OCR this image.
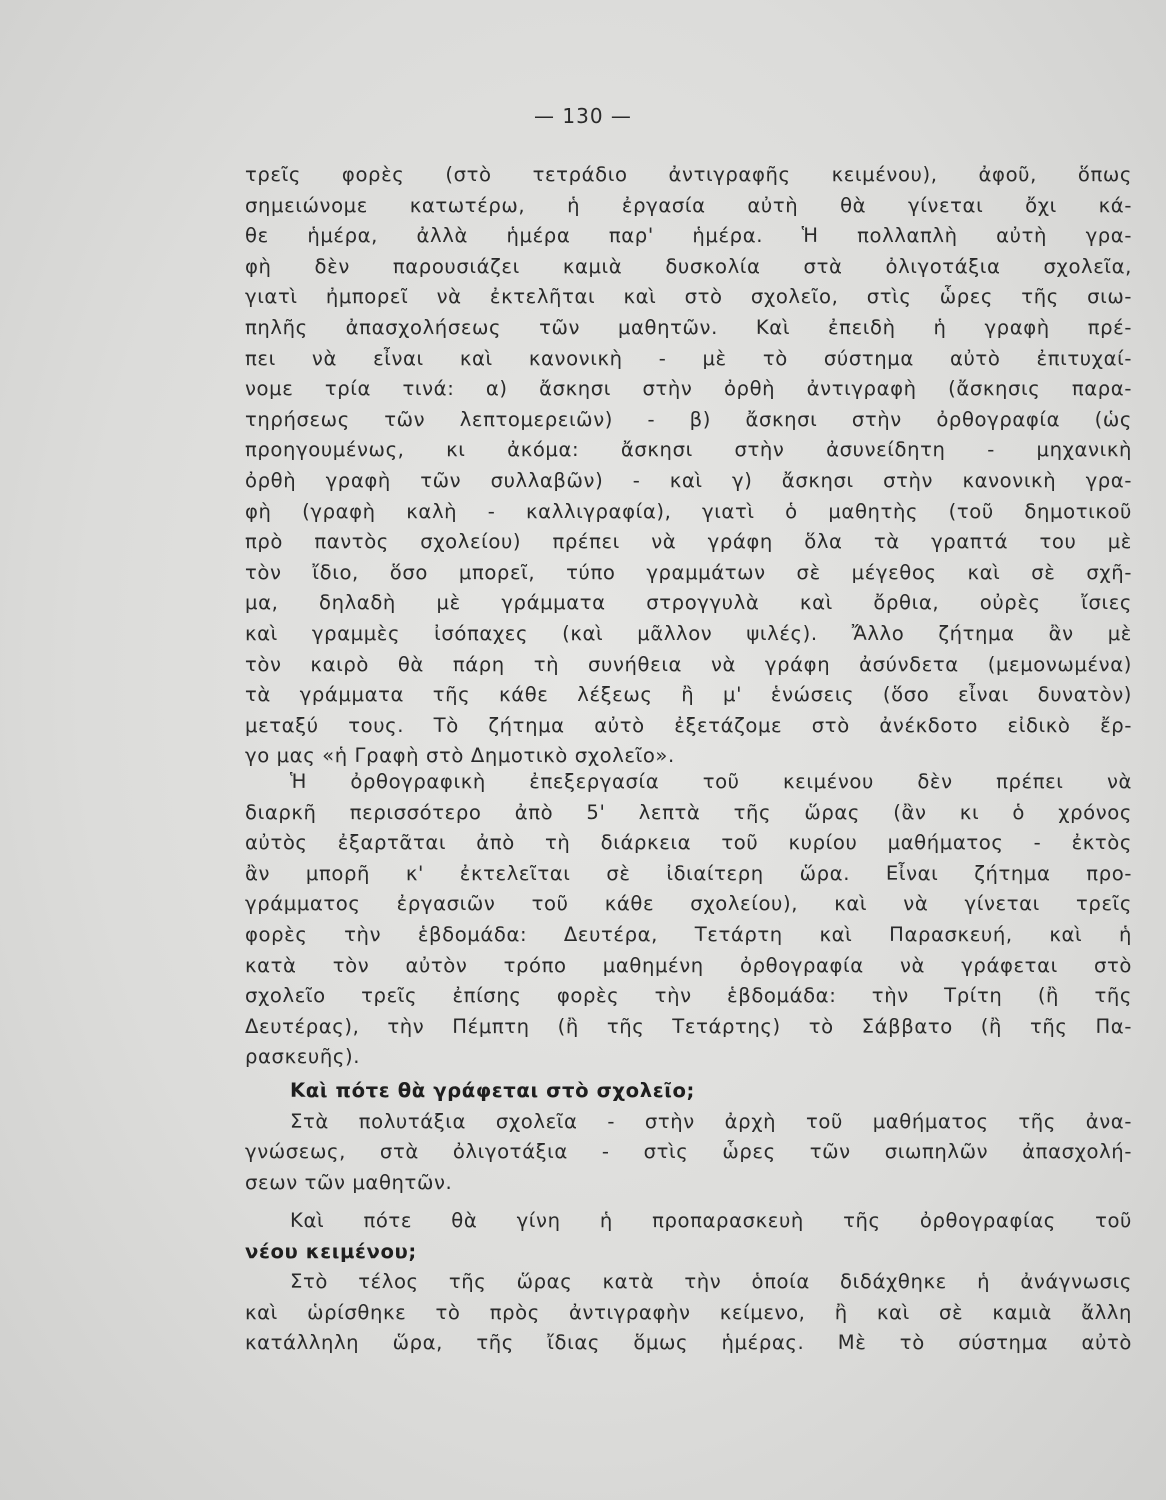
— 130 —
τρεῖς φορὲς (στὸ τετράδιο ἀντιγραφῆς κειμένου), ἀφοῦ, ὅπως
σημειώνομε κατωτέρω, ἡ ἐργασία αὐτὴ θὰ γίνεται ὄχι κά-
θε ἡμέρα, ἀλλὰ ἡμέρα παρ' ἡμέρα. Ἡ πολλαπλὴ αὐτὴ γρα-
φὴ δὲν παρουσιάζει καμιὰ δυσκολία στὰ ὀλιγοτάξια σχολεῖα,
γιατὶ ἠμπορεῖ νὰ ἐκτελῆται καὶ στὸ σχολεῖο, στὶς ὧρες τῆς σιω-
πηλῆς ἀπασχολήσεως τῶν μαθητῶν. Καὶ ἐπειδὴ ἡ γραφὴ πρέ-
πει νὰ εἶναι καὶ κανονικὴ - μὲ τὸ σύστημα αὐτὸ ἐπιτυχαί-
νομε τρία τινά: α) ἄσκησι στὴν ὀρθὴ ἀντιγραφὴ (ἄσκησις παρα-
τηρήσεως τῶν λεπτομερειῶν) - β) ἄσκησι στὴν ὀρθογραφία (ὡς
προηγουμένως, κι ἀκόμα: ἄσκησι στὴν ἀσυνείδητη - μηχανικὴ
ὀρθὴ γραφὴ τῶν συλλαβῶν) - καὶ γ) ἄσκησι στὴν κανονικὴ γρα-
φὴ (γραφὴ καλὴ - καλλιγραφία), γιατὶ ὁ μαθητὴς (τοῦ δημοτικοῦ
πρὸ παντὸς σχολείου) πρέπει νὰ γράφη ὅλα τὰ γραπτά του μὲ
τὸν ἴδιο, ὅσο μπορεῖ, τύπο γραμμάτων σὲ μέγεθος καὶ σὲ σχῆ-
μα, δηλαδὴ μὲ γράμματα στρογγυλὰ καὶ ὄρθια, οὐρὲς ἴσιες
καὶ γραμμὲς ἰσόπαχες (καὶ μᾶλλον ψιλές). Ἄλλο ζήτημα ἂν μὲ
τὸν καιρὸ θὰ πάρη τὴ συνήθεια νὰ γράφη ἀσύνδετα (μεμονωμένα)
τὰ γράμματα τῆς κάθε λέξεως ἢ μ' ἑνώσεις (ὅσο εἶναι δυνατὸν)
μεταξύ τους. Τὸ ζήτημα αὐτὸ ἐξετάζομε στὸ ἀνέκδοτο εἰδικὸ ἔρ-
γο μας «ἡ Γραφὴ στὸ Δημοτικὸ σχολεῖο».
Ἡ ὀρθογραφικὴ ἐπεξεργασία τοῦ κειμένου δὲν πρέπει νὰ
διαρκῆ περισσότερο ἀπὸ 5' λεπτὰ τῆς ὥρας (ἂν κι ὁ χρόνος
αὐτὸς ἐξαρτᾶται ἀπὸ τὴ διάρκεια τοῦ κυρίου μαθήματος - ἐκτὸς
ἂν μπορῆ κ' ἐκτελεῖται σὲ ἰδιαίτερη ὥρα. Εἶναι ζήτημα προ-
γράμματος ἐργασιῶν τοῦ κάθε σχολείου), καὶ νὰ γίνεται τρεῖς
φορὲς τὴν ἑβδομάδα: Δευτέρα, Τετάρτη καὶ Παρασκευή, καὶ ἡ
κατὰ τὸν αὐτὸν τρόπο μαθημένη ὀρθογραφία νὰ γράφεται στὸ
σχολεῖο τρεῖς ἐπίσης φορὲς τὴν ἑβδομάδα: τὴν Τρίτη (ἢ τῆς
Δευτέρας), τὴν Πέμπτη (ἢ τῆς Τετάρτης) τὸ Σάββατο (ἢ τῆς Πα-
ρασκευῆς).
Καὶ πότε θὰ γράφεται στὸ σχολεῖο;
Στὰ πολυτάξια σχολεῖα - στὴν ἀρχὴ τοῦ μαθήματος τῆς ἀνα-
γνώσεως, στὰ ὀλιγοτάξια - στὶς ὧρες τῶν σιωπηλῶν ἀπασχολή-
σεων τῶν μαθητῶν.
Καὶ πότε θὰ γίνη ἡ προπαρασκευὴ τῆς ὀρθογραφίας τοῦ
νέου κειμένου;
Στὸ τέλος τῆς ὥρας κατὰ τὴν ὁποία διδάχθηκε ἡ ἀνάγνωσις
καὶ ὡρίσθηκε τὸ πρὸς ἀντιγραφὴν κείμενο, ἢ καὶ σὲ καμιὰ ἄλλη
κατάλληλη ὥρα, τῆς ἴδιας ὅμως ἡμέρας. Μὲ τὸ σύστημα αὐτὸ
